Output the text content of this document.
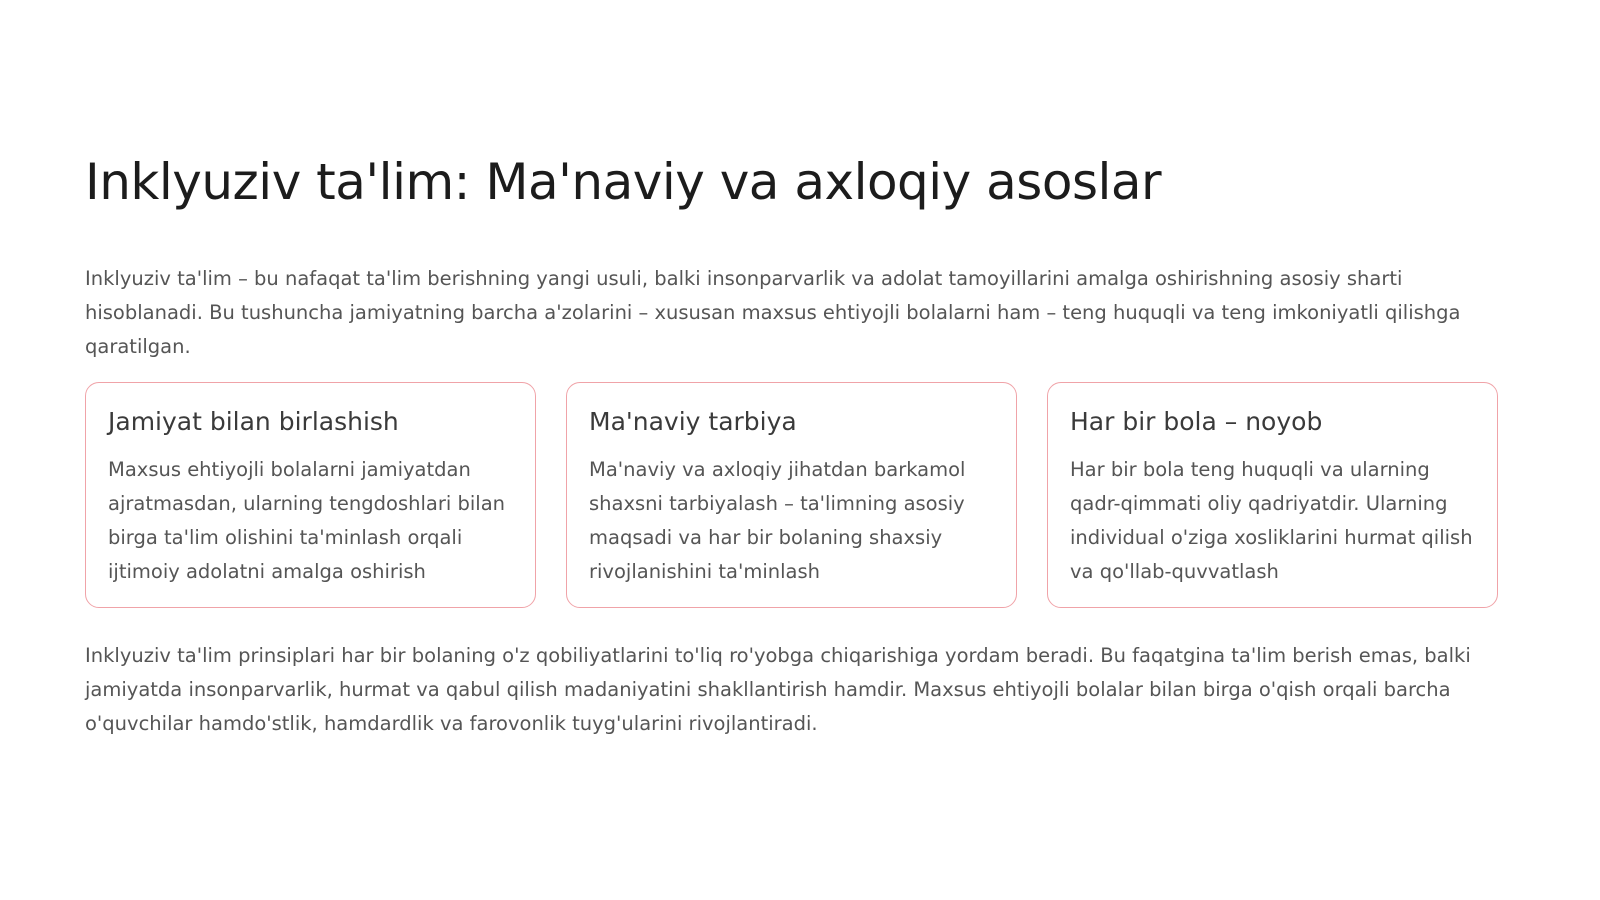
Inklyuziv ta'lim: Ma'naviy va axloqiy asoslar

Inklyuziv ta'lim – bu nafaqat ta'lim berishning yangi usuli, balki insonparvarlik va adolat tamoyillarini amalga oshirishning asosiy sharti hisoblanadi. Bu tushuncha jamiyatning barcha a'zolarini – xususan maxsus ehtiyojli bolalarni ham – teng huquqli va teng imkoniyatli qilishga qaratilgan.

Jamiyat bilan birlashish

Maxsus ehtiyojli bolalarni jamiyatdan ajratmasdan, ularning tengdoshlari bilan birga ta'lim olishini ta'minlash orqali ijtimoiy adolatni amalga oshirish

Ma'naviy tarbiya

Ma'naviy va axloqiy jihatdan barkamol shaxsni tarbiyalash – ta'limning asosiy maqsadi va har bir bolaning shaxsiy rivojlanishini ta'minlash

Har bir bola – noyob

Har bir bola teng huquqli va ularning qadr-qimmati oliy qadriyatdir. Ularning individual o'ziga xosliklarini hurmat qilish va qo'llab-quvvatlash

Inklyuziv ta'lim prinsiplari har bir bolaning o'z qobiliyatlarini to'liq ro'yobga chiqarishiga yordam beradi. Bu faqatgina ta'lim berish emas, balki jamiyatda insonparvarlik, hurmat va qabul qilish madaniyatini shakllantirish hamdir. Maxsus ehtiyojli bolalar bilan birga o'qish orqali barcha o'quvchilar hamdo'stlik, hamdardlik va farovonlik tuyg'ularini rivojlantiradi.
